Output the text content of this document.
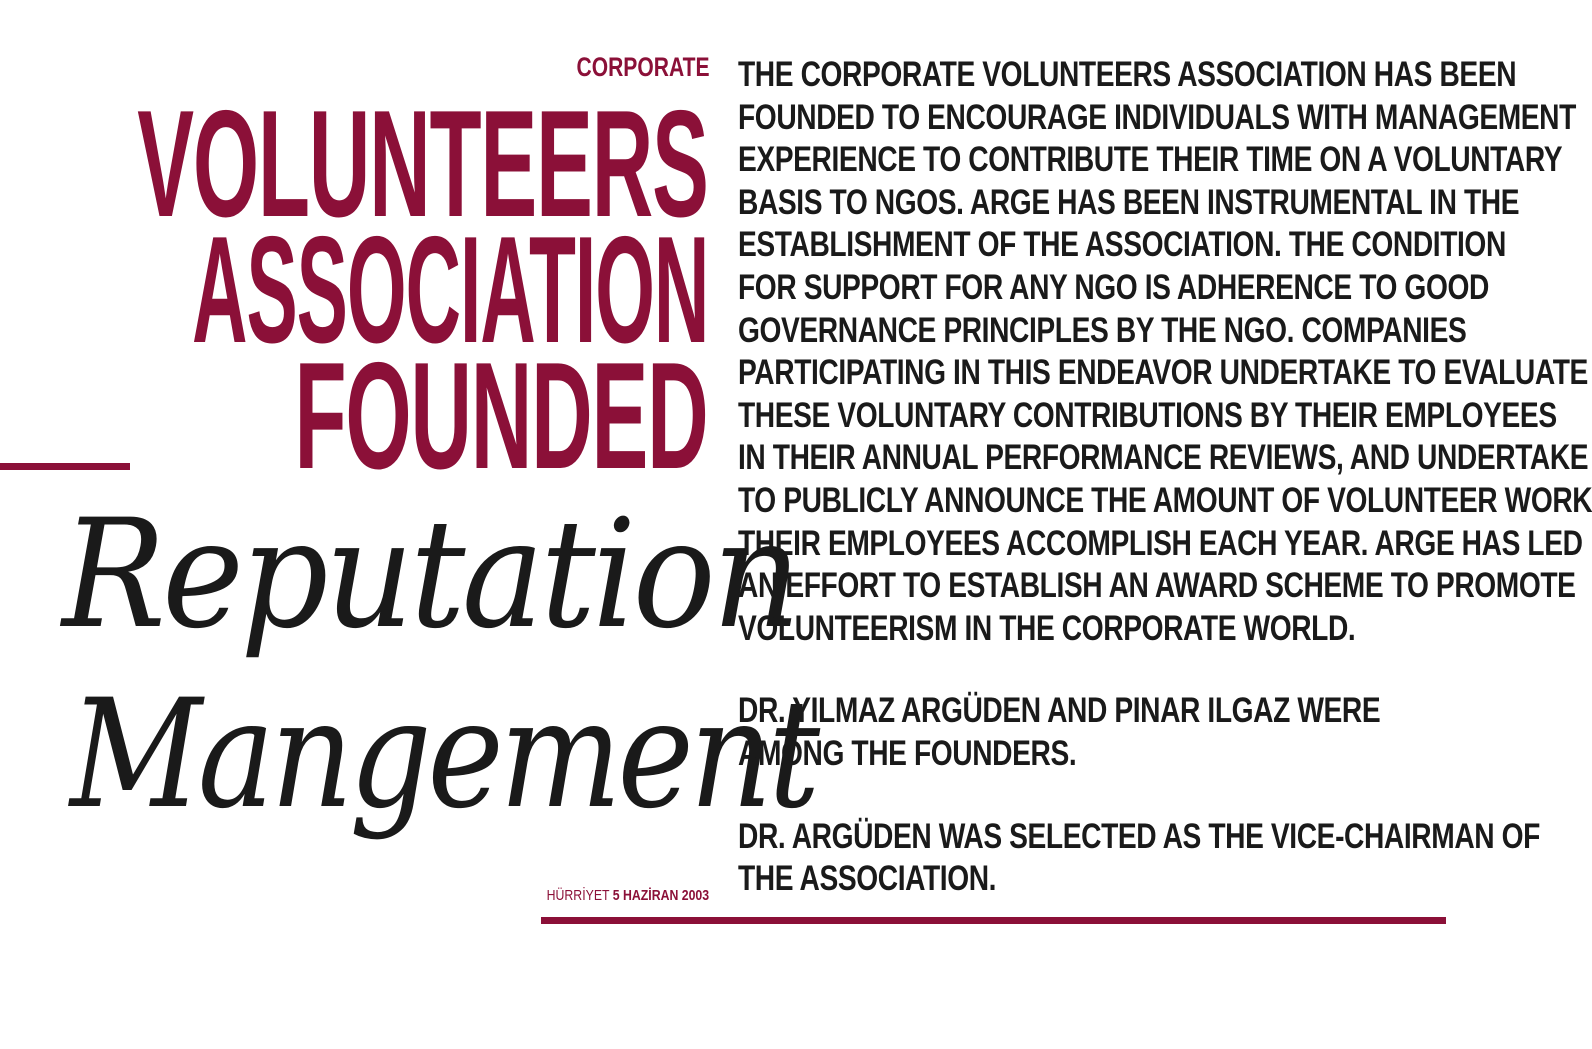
CORPORATE
VOLUNTEERS
ASSOCIATION
FOUNDED
Reputation
Mangement
HÜRRİYET 5 HAZİRAN 2003

THE CORPORATE VOLUNTEERS ASSOCIATION HAS BEEN
FOUNDED TO ENCOURAGE INDIVIDUALS WITH MANAGEMENT
EXPERIENCE TO CONTRIBUTE THEIR TIME ON A VOLUNTARY
BASIS TO NGOS. ARGE HAS BEEN INSTRUMENTAL IN THE
ESTABLISHMENT OF THE ASSOCIATION. THE CONDITION
FOR SUPPORT FOR ANY NGO IS ADHERENCE TO GOOD
GOVERNANCE PRINCIPLES BY THE NGO. COMPANIES
PARTICIPATING IN THIS ENDEAVOR UNDERTAKE TO EVALUATE
THESE VOLUNTARY CONTRIBUTIONS BY THEIR EMPLOYEES
IN THEIR ANNUAL PERFORMANCE REVIEWS, AND UNDERTAKE
TO PUBLICLY ANNOUNCE THE AMOUNT OF VOLUNTEER WORK
THEIR EMPLOYEES ACCOMPLISH EACH YEAR. ARGE HAS LED
AN EFFORT TO ESTABLISH AN AWARD SCHEME TO PROMOTE
VOLUNTEERISM IN THE CORPORATE WORLD.

DR. YILMAZ ARGÜDEN AND PINAR ILGAZ WERE
AMONG THE FOUNDERS.

DR. ARGÜDEN WAS SELECTED AS THE VICE-CHAIRMAN OF
THE ASSOCIATION.
